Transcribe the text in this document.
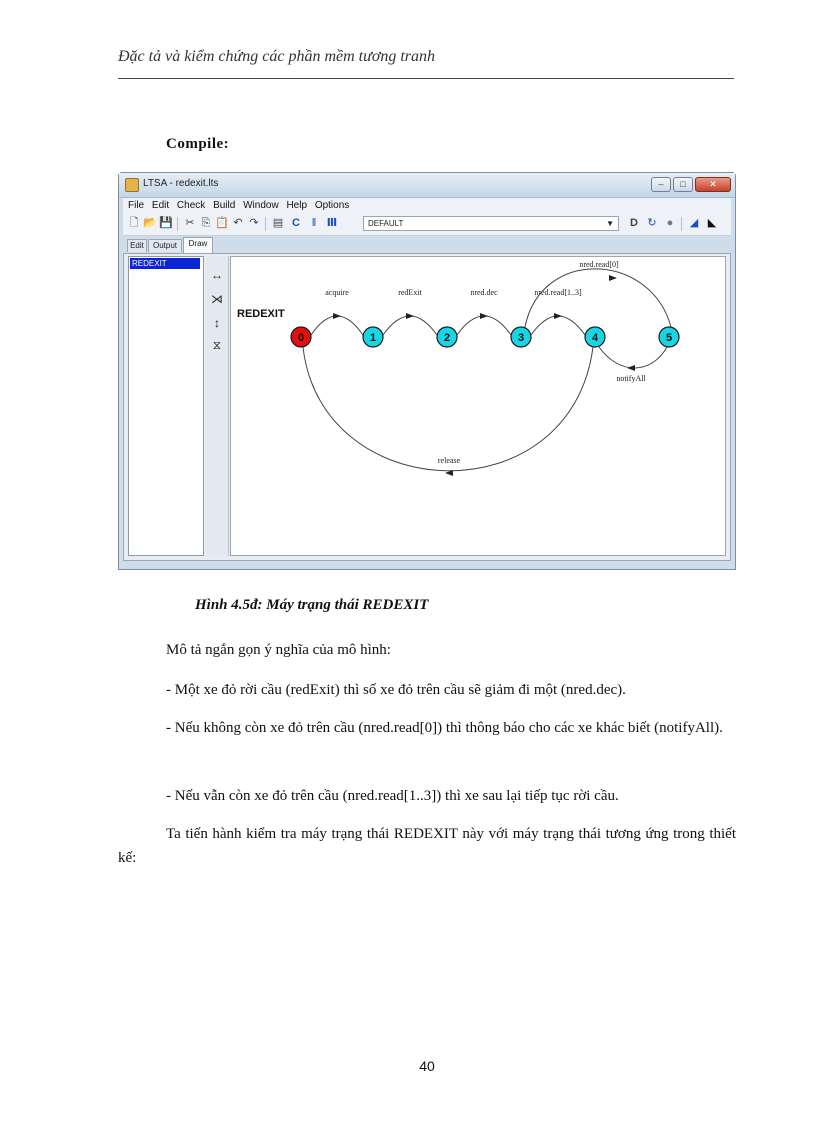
Đặc tả và kiểm chứng các phần mềm tương tranh
Compile:
LTSA - redexit.lts	–	□	✕
File Edit Check Build Window Help Options
🗋 📂 💾 ✂ ⎘ 📋 ↶ ↷ ▤ C	‖ Ⅲ	DEFAULT	▼ D ↻ ●	◢ ◣
Edit	Output	Draw
REDEXIT
↔
⋊
↕
⧖
REDEXIT
acquire	redExit	nred.dec	nred.read[1..3]
nred.read[0]
notifyAll
release
0	1	2	3	4	5
Hình 4.5đ: Máy trạng thái REDEXIT
Mô tả ngắn gọn ý nghĩa của mô hình:
- Một xe đỏ rời cầu (redExit) thì số xe đỏ trên cầu sẽ giảm đi một (nred.dec).
- Nếu không còn xe đỏ trên cầu (nred.read[0]) thì thông báo cho các xe khác biết (notifyAll).
- Nếu vẫn còn xe đỏ trên cầu (nred.read[1..3]) thì xe sau lại tiếp tục rời cầu.
Ta tiến hành kiểm tra máy trạng thái REDEXIT này với máy trạng thái tương ứng trong thiết kế:
40
